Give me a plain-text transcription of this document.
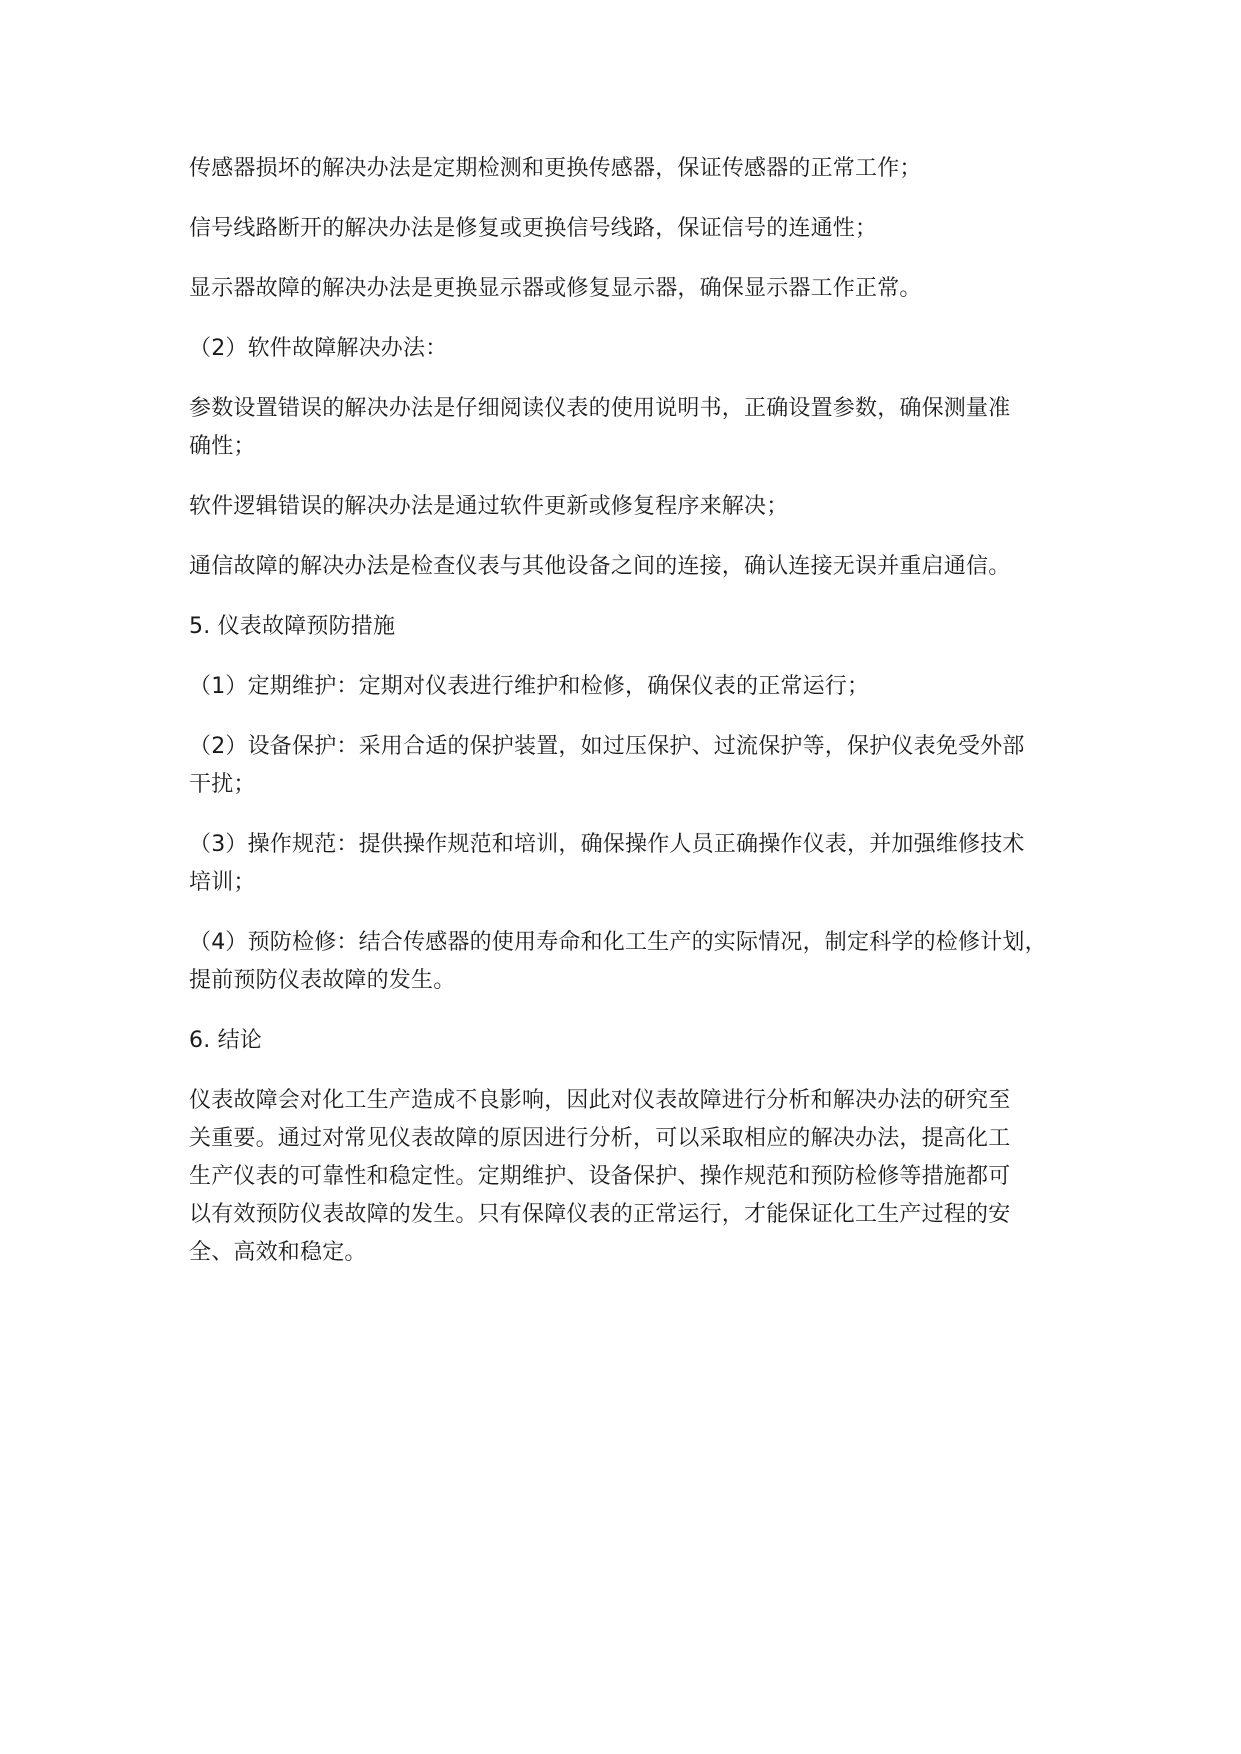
传感器损坏的解决办法是定期检测和更换传感器，保证传感器的正常工作；

信号线路断开的解决办法是修复或更换信号线路，保证信号的连通性；

显示器故障的解决办法是更换显示器或修复显示器，确保显示器工作正常。

（2）软件故障解决办法：

参数设置错误的解决办法是仔细阅读仪表的使用说明书，正确设置参数，确保测量准
确性；

软件逻辑错误的解决办法是通过软件更新或修复程序来解决；

通信故障的解决办法是检查仪表与其他设备之间的连接，确认连接无误并重启通信。

5. 仪表故障预防措施

（1）定期维护：定期对仪表进行维护和检修，确保仪表的正常运行；

（2）设备保护：采用合适的保护装置，如过压保护、过流保护等，保护仪表免受外部
干扰；

（3）操作规范：提供操作规范和培训，确保操作人员正确操作仪表，并加强维修技术
培训；

（4）预防检修：结合传感器的使用寿命和化工生产的实际情况，制定科学的检修计划，
提前预防仪表故障的发生。

6. 结论

仪表故障会对化工生产造成不良影响，因此对仪表故障进行分析和解决办法的研究至
关重要。通过对常见仪表故障的原因进行分析，可以采取相应的解决办法，提高化工
生产仪表的可靠性和稳定性。定期维护、设备保护、操作规范和预防检修等措施都可
以有效预防仪表故障的发生。只有保障仪表的正常运行，才能保证化工生产过程的安
全、高效和稳定。
